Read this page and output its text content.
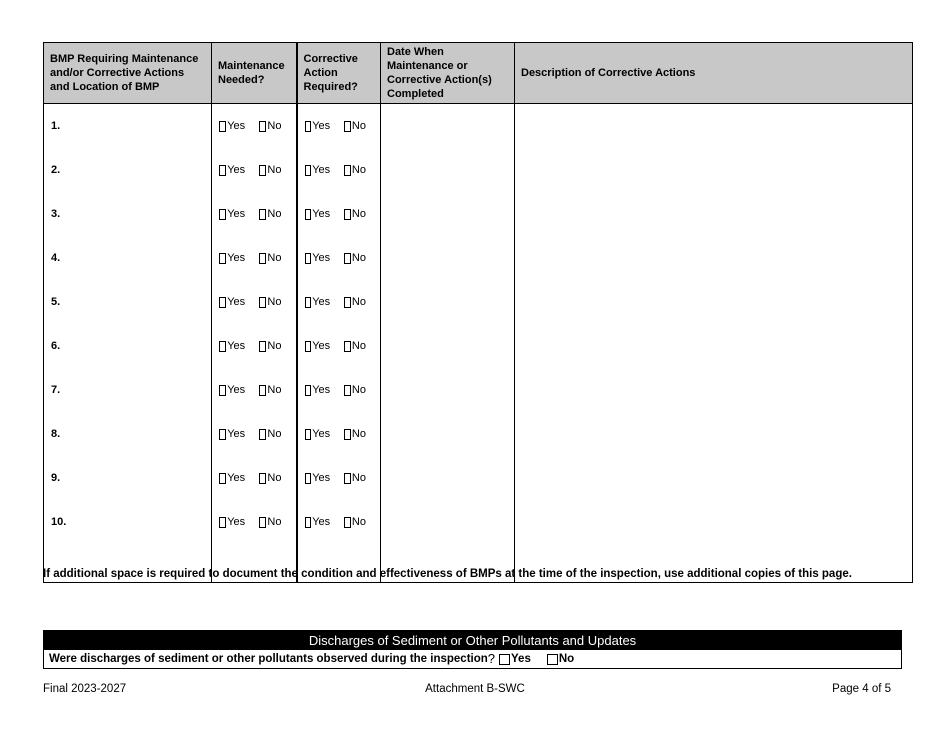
BMP Requiring Maintenance and/or Corrective Actions and Location of BMP	Maintenance Needed?	Corrective Action Required?	Date When Maintenance or Corrective Action(s) Completed	Description of Corrective Actions
1.	Yes No	Yes No		

2.	Yes No	Yes No		

3.	Yes No	Yes No		

4.	Yes No	Yes No		

5.	Yes No	Yes No		

6.	Yes No	Yes No		

7.	Yes No	Yes No		

8.	Yes No	Yes No		

9.	Yes No	Yes No		

10.	Yes No	Yes No		

If additional space is required to document the condition and effectiveness of BMPs at the time of the inspection, use additional copies of this page.
Discharges of Sediment or Other Pollutants and Updates
Were discharges of sediment or other pollutants observed during the inspection ? Yes No
Final 2023-2027	Attachment B-SWC	Page 4 of 5
